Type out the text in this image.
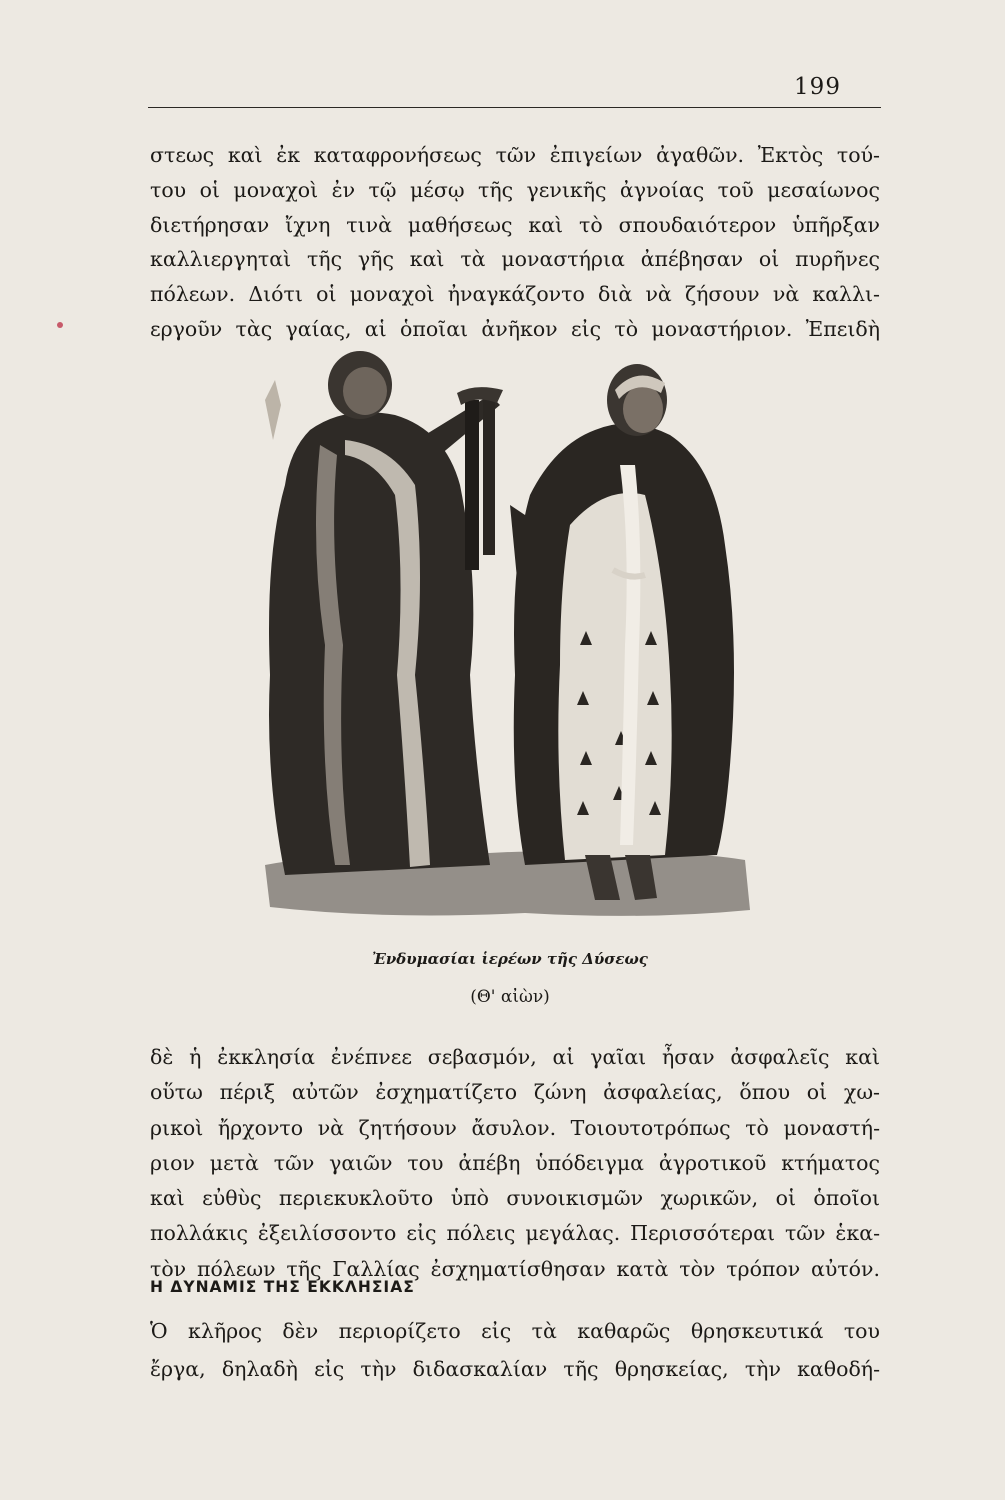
199
στεως καὶ ἐκ καταφρονήσεως τῶν ἐπιγείων ἀγαθῶν. Ἐκτὸς τού-
του οἱ μοναχοὶ ἐν τῷ μέσῳ τῆς γενικῆς ἀγνοίας τοῦ μεσαίωνος
διετήρησαν ἴχνη τινὰ μαθήσεως καὶ τὸ σπουδαιότερον ὑπῆρξαν
καλλιεργηταὶ τῆς γῆς καὶ τὰ μοναστήρια ἀπέβησαν οἱ πυρῆνες
πόλεων. Διότι οἱ μοναχοὶ ἠναγκάζοντο διὰ νὰ ζήσουν νὰ καλλι-
εργοῦν τὰς γαίας, αἱ ὁποῖαι ἀνῆκον εἰς τὸ μοναστήριον. Ἐπειδὴ
Ἐνδυμασίαι ἱερέων τῆς Δύσεως
(Θ' αἰὼν)
δὲ ἡ ἐκκλησία ἐνέπνεε σεβασμόν, αἱ γαῖαι ἦσαν ἀσφαλεῖς καὶ
οὕτω πέριξ αὐτῶν ἐσχηματίζετο ζώνη ἀσφαλείας, ὅπου οἱ χω-
ρικοὶ ἤρχοντο νὰ ζητήσουν ἄσυλον. Τοιουτοτρόπως τὸ μοναστή-
ριον μετὰ τῶν γαιῶν του ἀπέβη ὑπόδειγμα ἀγροτικοῦ κτήματος
καὶ εὐθὺς περιεκυκλοῦτο ὑπὸ συνοικισμῶν χωρικῶν, οἱ ὁποῖοι
πολλάκις ἐξειλίσσοντο εἰς πόλεις μεγάλας. Περισσότεραι τῶν ἑκα-
τὸν πόλεων τῆς Γαλλίας ἐσχηματίσθησαν κατὰ τὸν τρόπον αὐτόν.
Η ΔΥΝΑΜΙΣ ΤΗΣ ΕΚΚΛΗΣΙΑΣ
Ὁ κλῆρος δὲν περιορίζετο εἰς τὰ καθαρῶς θρησκευτικά του
ἔργα, δηλαδὴ εἰς τὴν διδασκαλίαν τῆς θρησκείας, τὴν καθοδή-
